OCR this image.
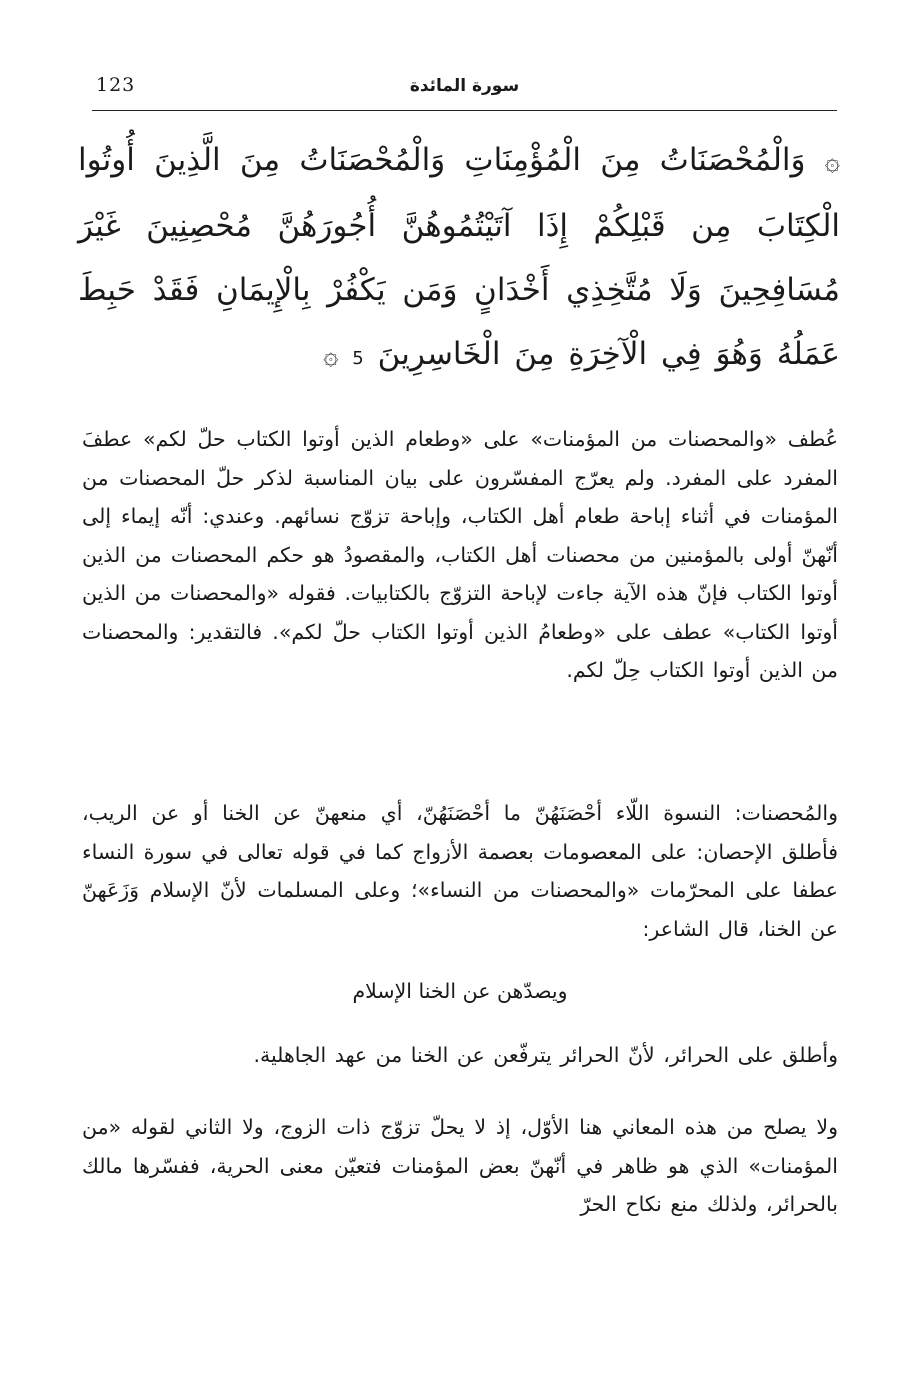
123	سورة المائدة
۞ وَالْمُحْصَنَاتُ مِنَ الْمُؤْمِنَاتِ وَالْمُحْصَنَاتُ مِنَ الَّذِينَ أُوتُوا الْكِتَابَ مِن قَبْلِكُمْ إِذَا آتَيْتُمُوهُنَّ أُجُورَهُنَّ مُحْصِنِينَ غَيْرَ مُسَافِحِينَ وَلَا مُتَّخِذِي أَخْدَانٍ وَمَن يَكْفُرْ بِالْإِيمَانِ فَقَدْ حَبِطَ عَمَلُهُ وَهُوَ فِي الْآخِرَةِ مِنَ الْخَاسِرِينَ 5 ۞
عُطف «والمحصنات من المؤمنات» على «وطعام الذين أوتوا الكتاب حلّ لكم» عطفَ المفرد على المفرد. ولم يعرّج المفسّرون على بيان المناسبة لذكر حلّ المحصنات من المؤمنات في أثناء إباحة طعام أهل الكتاب، وإباحة تزوّج نسائهم. وعندي: أنّه إيماء إلى أنّهنّ أولى بالمؤمنين من محصنات أهل الكتاب، والمقصودُ هو حكم المحصنات من الذين أوتوا الكتاب فإنّ هذه الآية جاءت لإباحة التزوّج بالكتابيات. فقوله «والمحصنات من الذين أوتوا الكتاب» عطف على «وطعامُ الذين أوتوا الكتاب حلّ لكم». فالتقدير: والمحصنات من الذين أوتوا الكتاب حِلّ لكم.
والمُحصنات: النسوة اللّاء أحْصَنَهُنّ ما أحْصَنَهُنّ، أي منعهنّ عن الخنا أو عن الريب، فأطلق الإحصان: على المعصومات بعصمة الأزواج كما في قوله تعالى في سورة النساء عطفا على المحرّمات «والمحصنات من النساء»؛ وعلى المسلمات لأنّ الإسلام وَزَعَهنّ عن الخنا، قال الشاعر:
ويصدّهن عن الخنا الإسلام
وأطلق على الحرائر، لأنّ الحرائر يترفّعن عن الخنا من عهد الجاهلية.
ولا يصلح من هذه المعاني هنا الأوّل، إذ لا يحلّ تزوّج ذات الزوج، ولا الثاني لقوله «من المؤمنات» الذي هو ظاهر في أنّهنّ بعض المؤمنات فتعيّن معنى الحرية، ففسّرها مالك بالحرائر، ولذلك منع نكاح الحرّ
